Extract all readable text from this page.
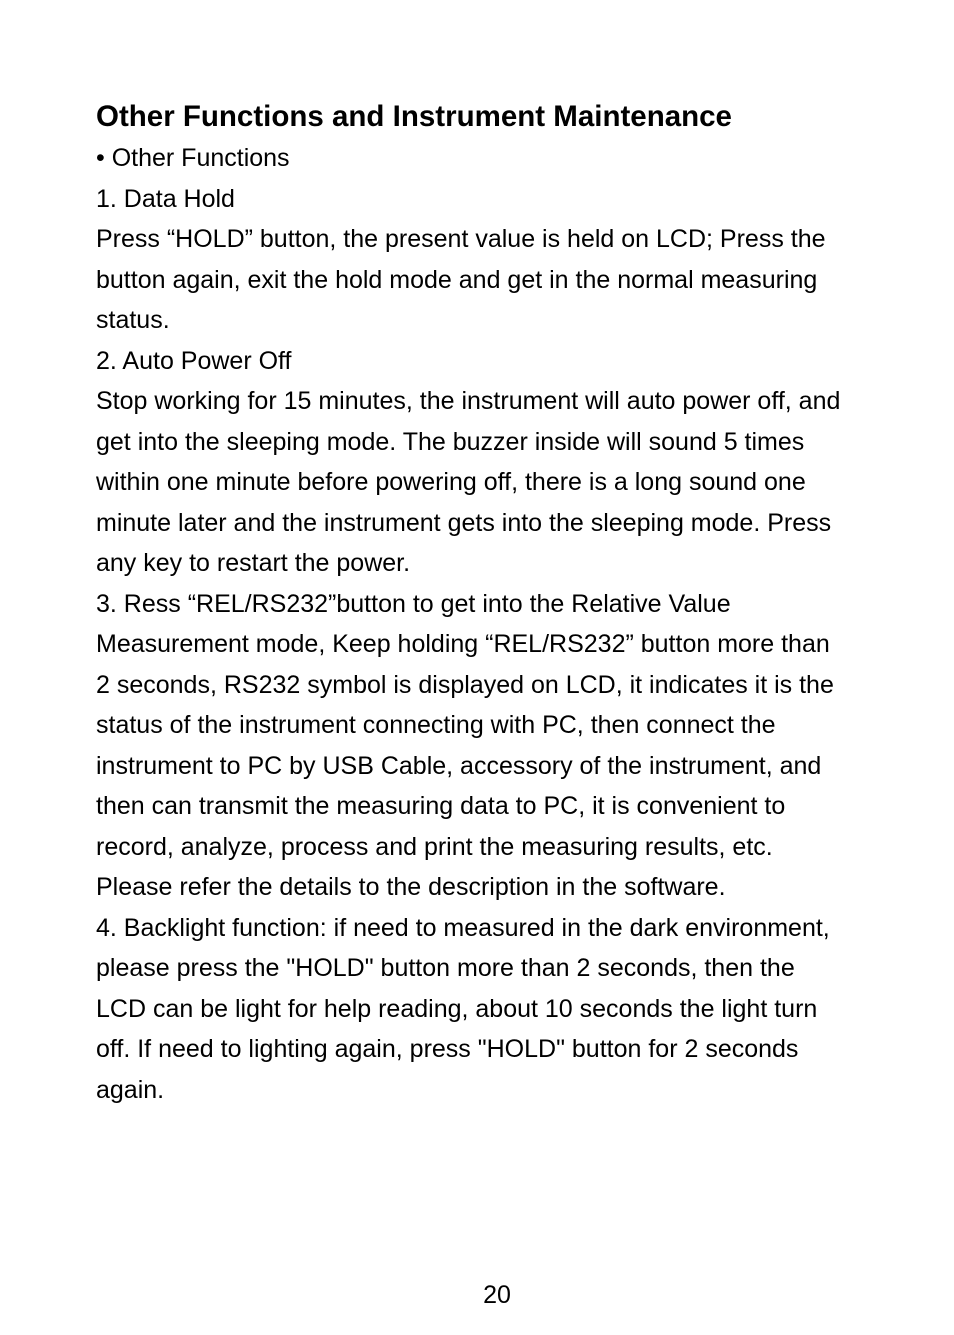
Other Functions and Instrument Maintenance

• Other Functions

1. Data Hold

Press “HOLD” button, the present value is held on LCD; Press the

button again, exit the hold mode and get in the normal measuring

status.

2. Auto Power Off

Stop working for 15 minutes, the instrument will auto power off, and

get into the sleeping mode. The buzzer inside will sound 5 times

within one minute before powering off, there is a long sound one

minute later and the instrument gets into the sleeping mode. Press

any key to restart the power.

3. Ress “REL/RS232”button to get into the Relative Value

Measurement mode, Keep holding “REL/RS232” button more than

2 seconds, RS232 symbol is displayed on LCD, it indicates it is the

status of the instrument connecting with PC, then connect the

instrument to PC by USB Cable, accessory of the instrument, and

then can transmit the measuring data to PC, it is convenient to

record, analyze, process and print the measuring results, etc.

Please refer the details to the description in the software.

4. Backlight function: if need to measured in the dark environment,

please press the "HOLD" button more than 2 seconds, then the

LCD can be light for help reading, about 10 seconds the light turn

off. If need to lighting again, press "HOLD" button for 2 seconds

again.

20
